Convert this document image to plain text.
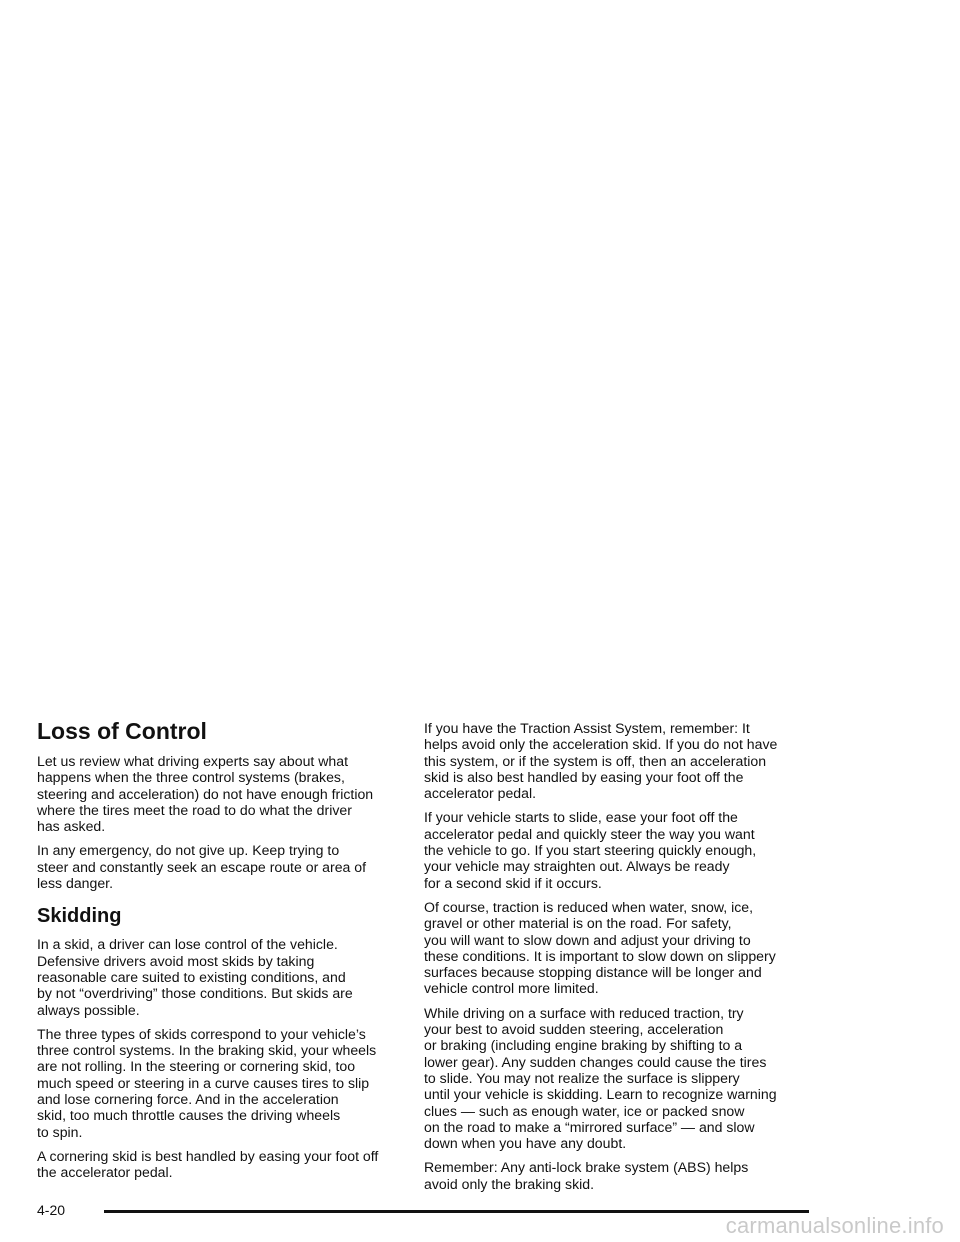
Loss of Control

Let us review what driving experts say about what
happens when the three control systems (brakes,
steering and acceleration) do not have enough friction
where the tires meet the road to do what the driver
has asked.

In any emergency, do not give up. Keep trying to
steer and constantly seek an escape route or area of
less danger.

Skidding

In a skid, a driver can lose control of the vehicle.
Defensive drivers avoid most skids by taking
reasonable care suited to existing conditions, and
by not “overdriving” those conditions. But skids are
always possible.

The three types of skids correspond to your vehicle’s
three control systems. In the braking skid, your wheels
are not rolling. In the steering or cornering skid, too
much speed or steering in a curve causes tires to slip
and lose cornering force. And in the acceleration
skid, too much throttle causes the driving wheels
to spin.

A cornering skid is best handled by easing your foot off
the accelerator pedal.

If you have the Traction Assist System, remember: It
helps avoid only the acceleration skid. If you do not have
this system, or if the system is off, then an acceleration
skid is also best handled by easing your foot off the
accelerator pedal.

If your vehicle starts to slide, ease your foot off the
accelerator pedal and quickly steer the way you want
the vehicle to go. If you start steering quickly enough,
your vehicle may straighten out. Always be ready
for a second skid if it occurs.

Of course, traction is reduced when water, snow, ice,
gravel or other material is on the road. For safety,
you will want to slow down and adjust your driving to
these conditions. It is important to slow down on slippery
surfaces because stopping distance will be longer and
vehicle control more limited.

While driving on a surface with reduced traction, try
your best to avoid sudden steering, acceleration
or braking (including engine braking by shifting to a
lower gear). Any sudden changes could cause the tires
to slide. You may not realize the surface is slippery
until your vehicle is skidding. Learn to recognize warning
clues — such as enough water, ice or packed snow
on the road to make a “mirrored surface” — and slow
down when you have any doubt.

Remember: Any anti-lock brake system (ABS) helps
avoid only the braking skid.

4-20
carmanualsonline.info
